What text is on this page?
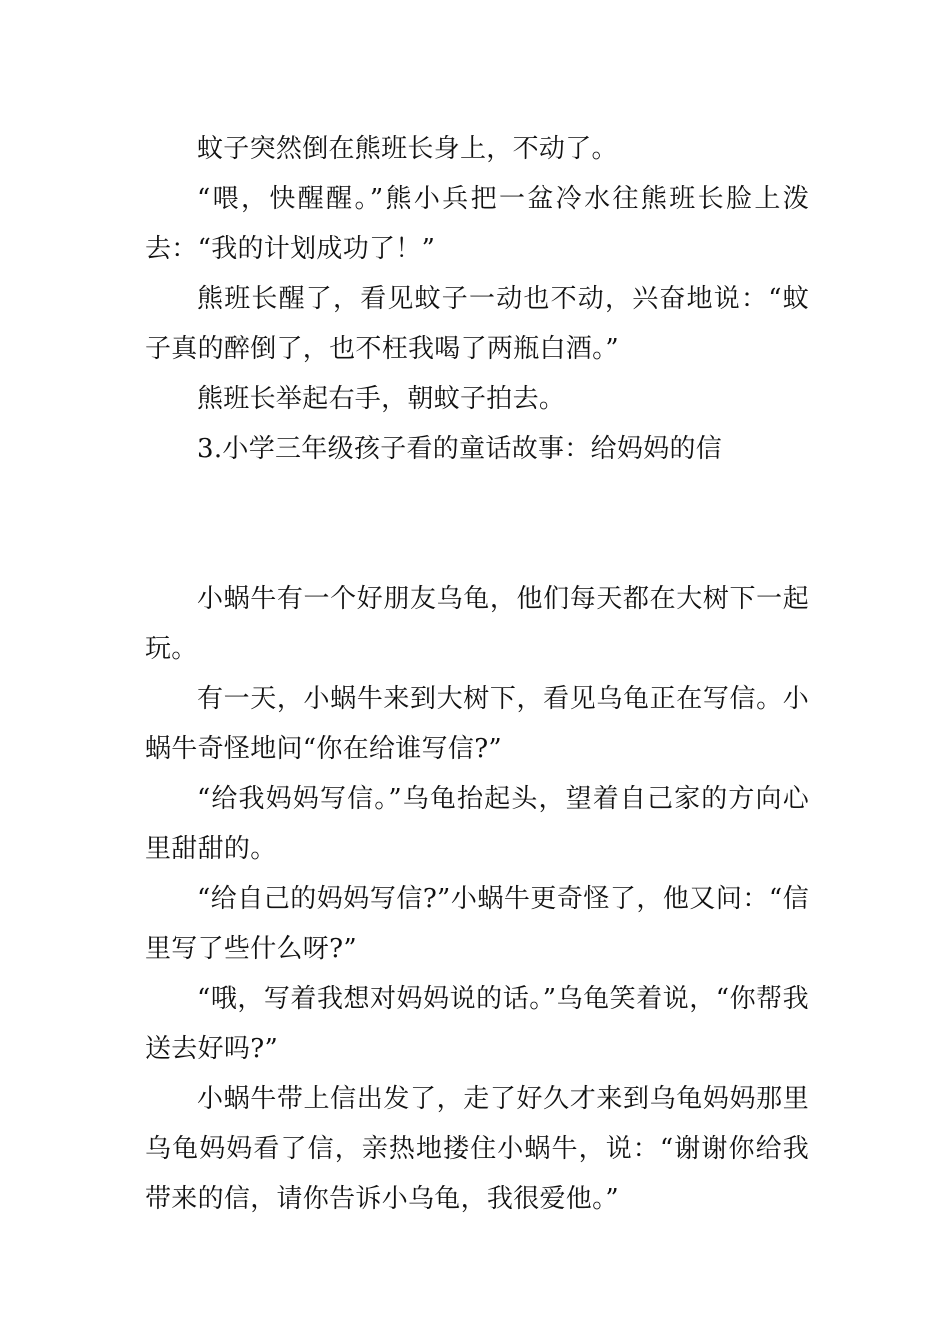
蚊子突然倒在熊班长身上，不动了。

“喂，快醒醒。”熊小兵把一盆冷水往熊班长脸上泼去：“我的计划成功了！”

熊班长醒了，看见蚊子一动也不动，兴奋地说：“蚊子真的醉倒了，也不枉我喝了两瓶白酒。”

熊班长举起右手，朝蚊子拍去。

3.小学三年级孩子看的童话故事：给妈妈的信

小蜗牛有一个好朋友乌龟，他们每天都在大树下一起玩。

有一天，小蜗牛来到大树下，看见乌龟正在写信。小蜗牛奇怪地问“你在给谁写信?”

“给我妈妈写信。”乌龟抬起头，望着自己家的方向心里甜甜的。

“给自己的妈妈写信?”小蜗牛更奇怪了，他又问：“信里写了些什么呀?”

“哦，写着我想对妈妈说的话。”乌龟笑着说，“你帮我送去好吗?”

小蜗牛带上信出发了，走了好久才来到乌龟妈妈那里乌龟妈妈看了信，亲热地搂住小蜗牛，说：“谢谢你给我带来的信，请你告诉小乌龟，我很爱他。”
